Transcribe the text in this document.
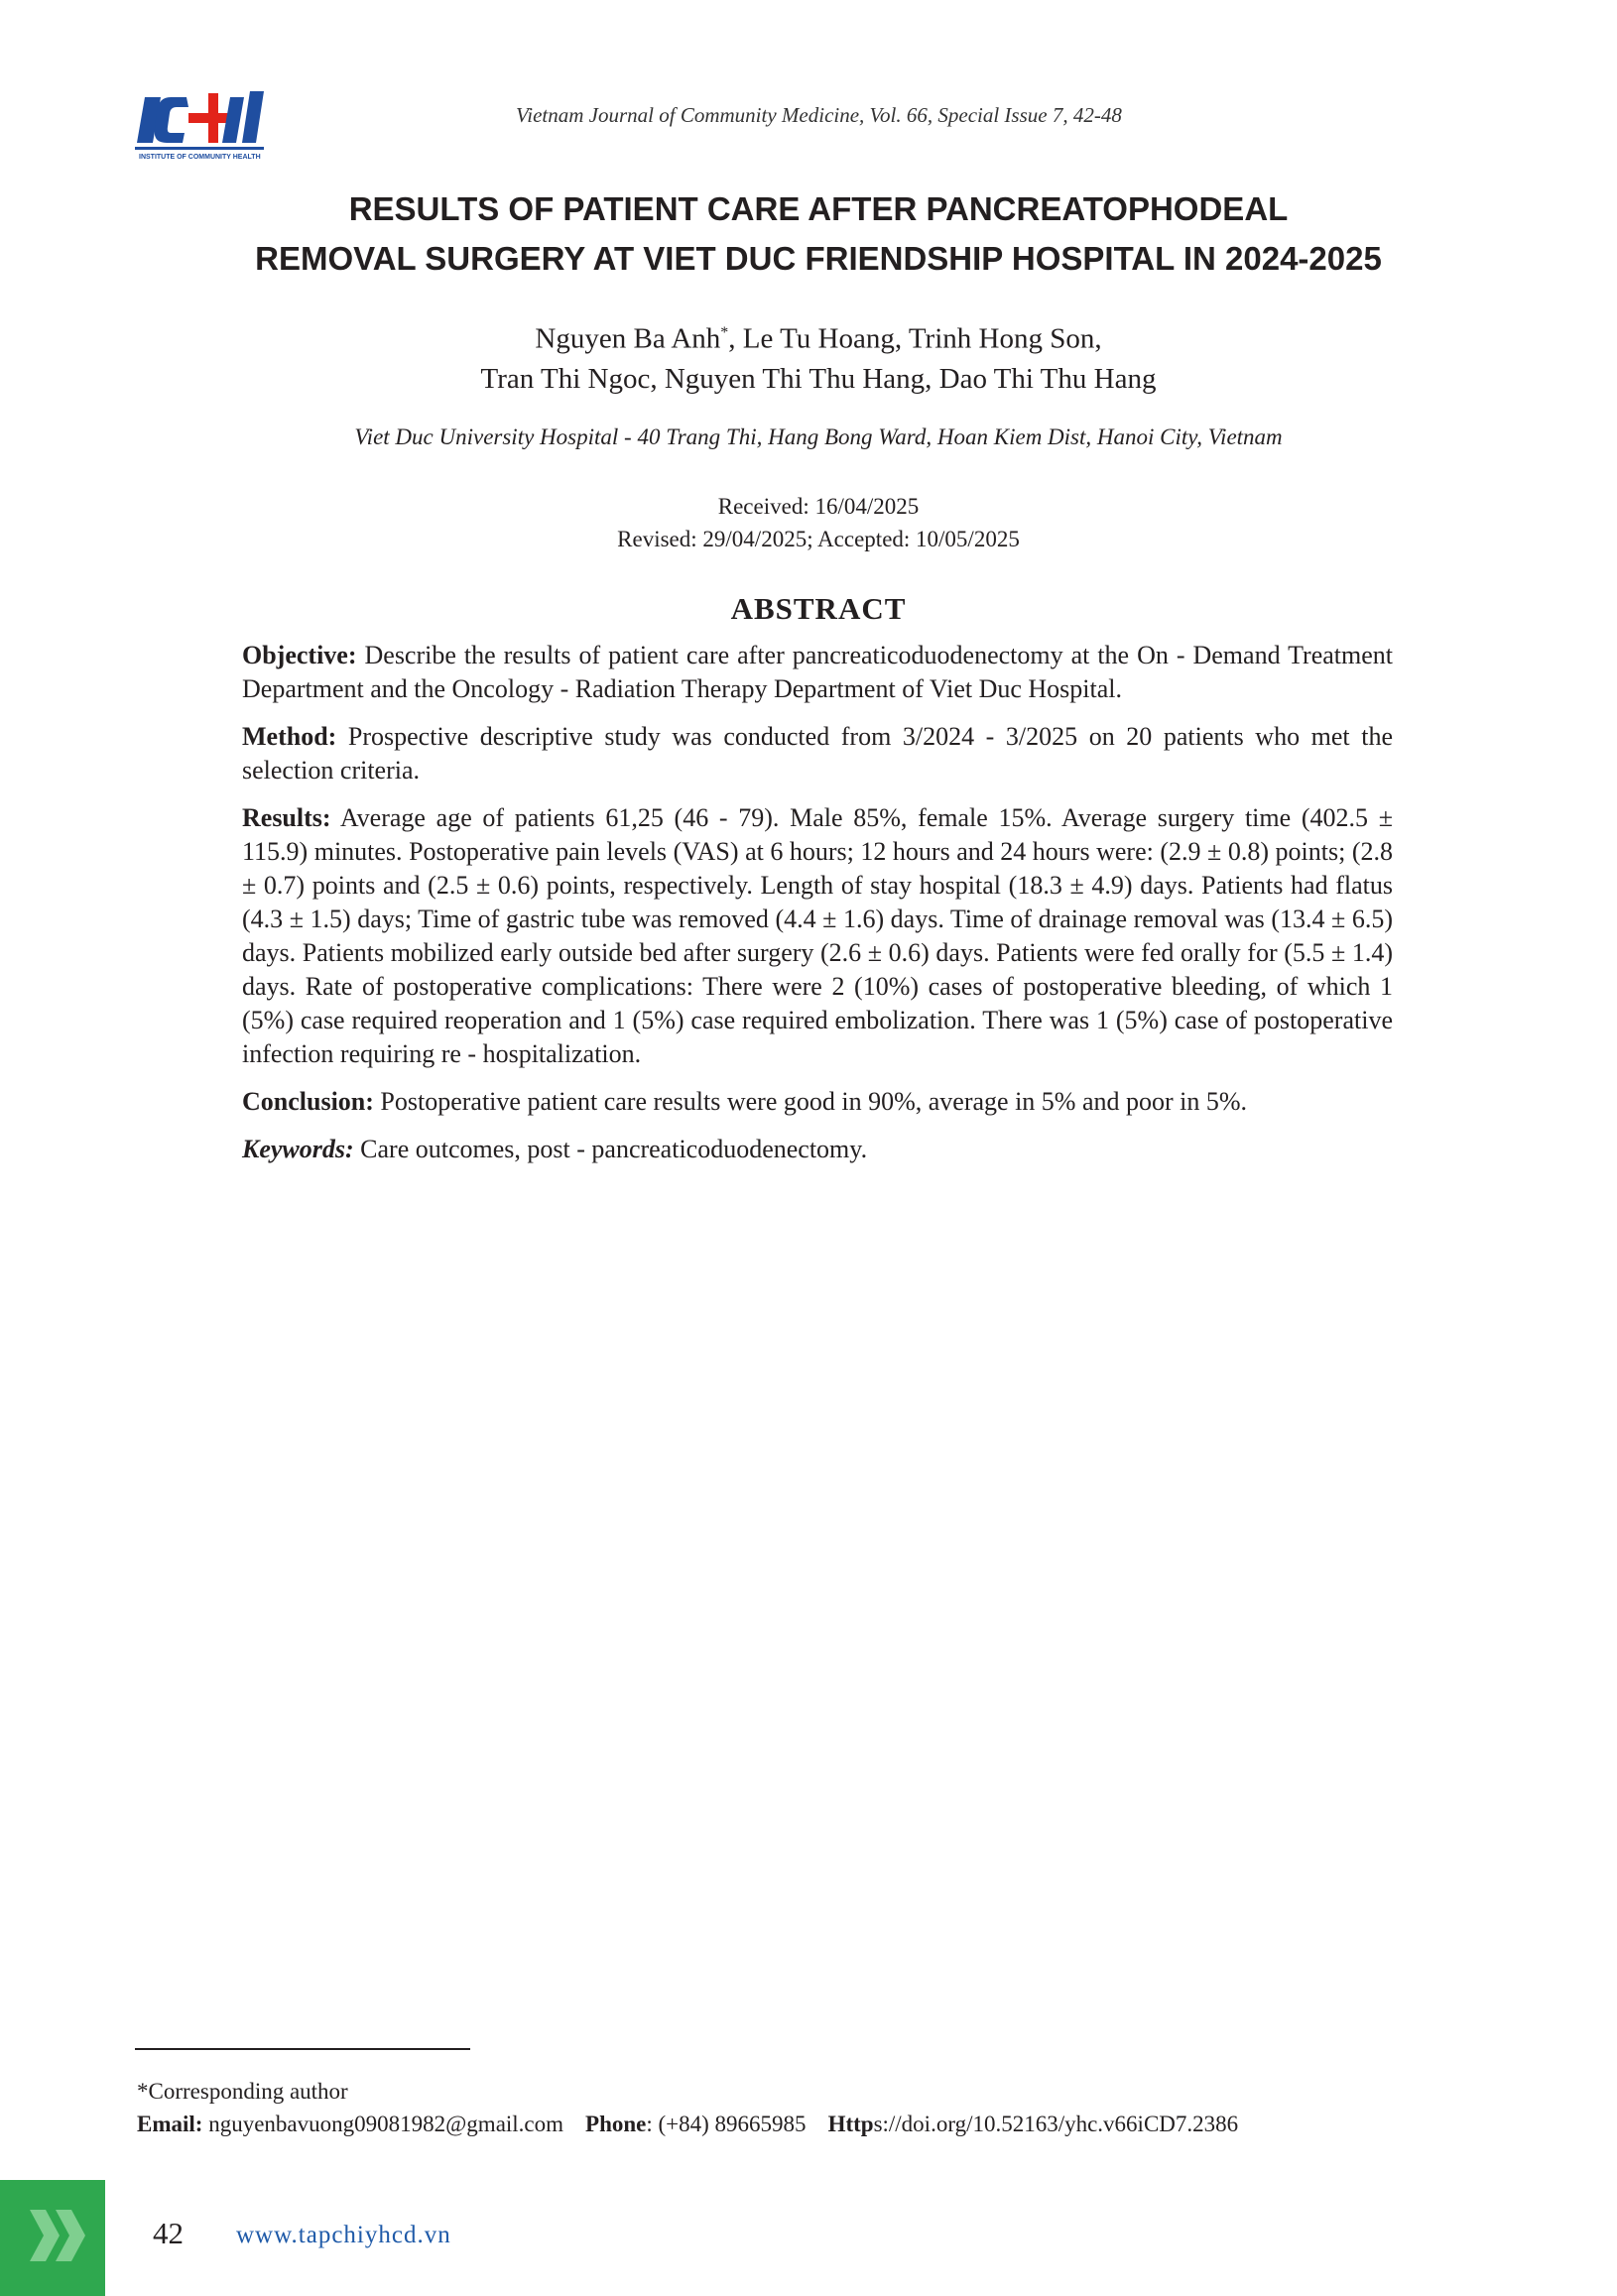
INSTITUTE OF COMMUNITY HEALTH
Vietnam Journal of Community Medicine, Vol. 66, Special Issue 7, 42-48
RESULTS OF PATIENT CARE AFTER PANCREATOPHODEAL
REMOVAL SURGERY AT VIET DUC FRIENDSHIP HOSPITAL IN 2024-2025
Nguyen Ba Anh*, Le Tu Hoang, Trinh Hong Son,
Tran Thi Ngoc, Nguyen Thi Thu Hang, Dao Thi Thu Hang
Viet Duc University Hospital - 40 Trang Thi, Hang Bong Ward, Hoan Kiem Dist, Hanoi City, Vietnam
Received: 16/04/2025
Revised: 29/04/2025; Accepted: 10/05/2025
ABSTRACT

Objective: Describe the results of patient care after pancreaticoduodenectomy at the On - Demand Treatment Department and the Oncology - Radiation Therapy Department of Viet Duc Hospital.

Method: Prospective descriptive study was conducted from 3/2024 - 3/2025 on 20 patients who met the selection criteria.

Results: Average age of patients 61,25 (46 - 79). Male 85%, female 15%. Average surgery time (402.5 ± 115.9) minutes. Postoperative pain levels (VAS) at 6 hours; 12 hours and 24 hours were: (2.9 ± 0.8) points; (2.8 ± 0.7) points and (2.5 ± 0.6) points, respectively. Length of stay hospital (18.3 ± 4.9) days. Patients had flatus (4.3 ± 1.5) days; Time of gastric tube was removed (4.4 ± 1.6) days. Time of drainage removal was (13.4 ± 6.5) days. Patients mobilized early outside bed after surgery (2.6 ± 0.6) days. Patients were fed orally for (5.5 ± 1.4) days. Rate of postoperative complications: There were 2 (10%) cases of postoperative bleeding, of which 1 (5%) case required reoperation and 1 (5%) case required embolization. There was 1 (5%) case of postoperative infection requiring re - hospitalization.

Conclusion: Postoperative patient care results were good in 90%, average in 5% and poor in 5%.

Keywords: Care outcomes, post - pancreaticoduodenectomy.

*Corresponding author
Email: nguyenbavuong09081982@gmail.com Phone: (+84) 89665985 Https://doi.org/10.52163/yhc.v66iCD7.2386
42 www.tapchiyhcd.vn
